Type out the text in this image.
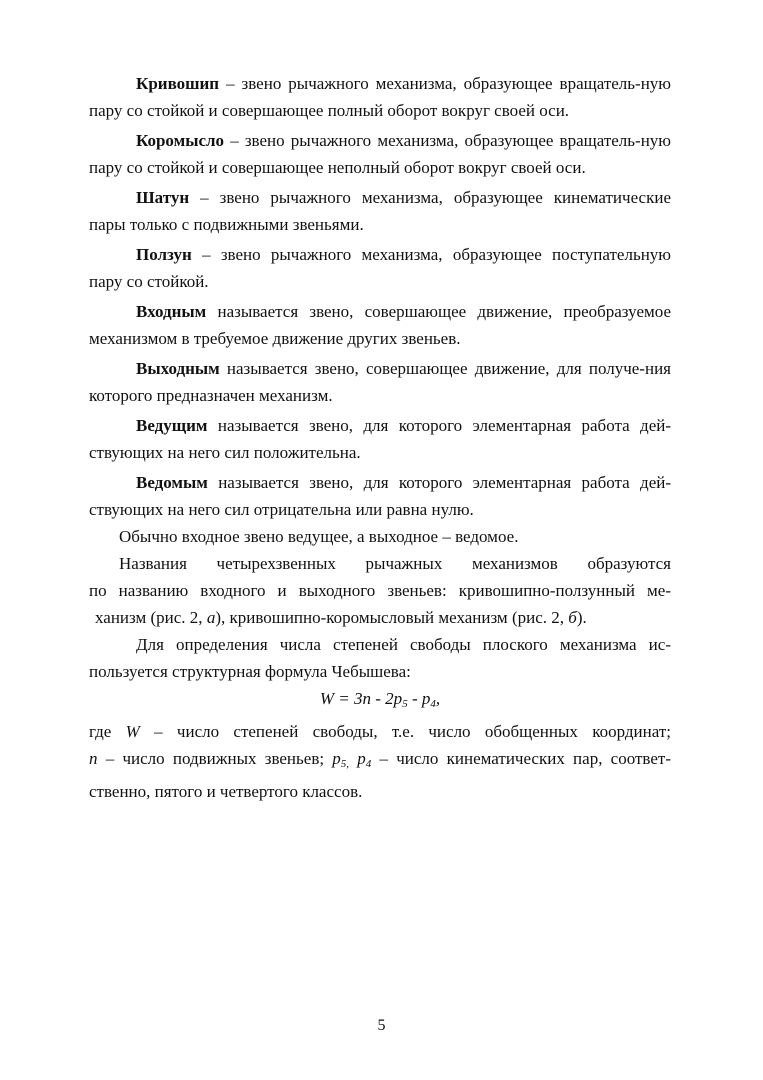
Кривошип – звено рычажного механизма, образующее вращатель-ную пару со стойкой и совершающее полный оборот вокруг своей оси.

Коромысло – звено рычажного механизма, образующее вращатель-ную пару со стойкой и совершающее неполный оборот вокруг своей оси.

Шатун – звено рычажного механизма, образующее кинематические пары только с подвижными звеньями.

Ползун – звено рычажного механизма, образующее поступательную пару со стойкой.

Входным называется звено, совершающее движение, преобразуемое механизмом в требуемое движение других звеньев.

Выходным называется звено, совершающее движение, для получе-ния которого предназначен механизм.

Ведущим называется звено, для которого элементарная работа дей-ствующих на него сил положительна.

Ведомым называется звено, для которого элементарная работа дей-ствующих на него сил отрицательна или равна нулю.

Обычно входное звено ведущее, а выходное – ведомое.

Названия четырехзвенных рычажных механизмов образуются
по названию входного и выходного звеньев: кривошипно-ползунный ме-
ханизм (рис. 2, а), кривошипно-коромысловый механизм (рис. 2, б).

Для определения числа степеней свободы плоского механизма ис-
пользуется структурная формула Чебышева:

$W = 3n - 2p_5 - p_4$,

где W – число степеней свободы, т.е. число обобщенных координат;
n – число подвижных звеньев; $p_{5,}$ $p_4$ – число кинематических пар, соответ-
ственно, пятого и четвертого классов.

5
